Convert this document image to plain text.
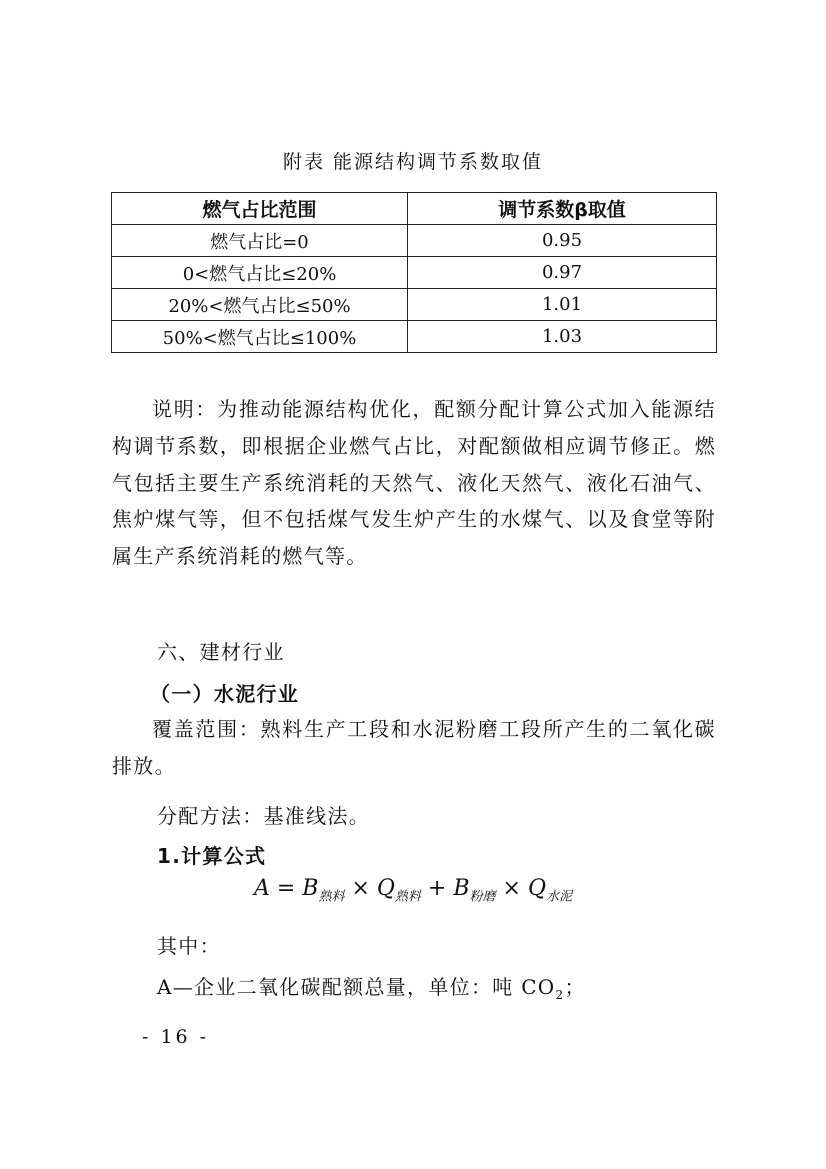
附表 能源结构调节系数取值
燃气占比范围	调节系数β取值
燃气占比=0	0.95
0<燃气占比≤20%	0.97
20%<燃气占比≤50%	1.01
50%<燃气占比≤100%	1.03

说明：为推动能源结构优化，配额分配计算公式加入能源结构调节系数，即根据企业燃气占比，对配额做相应调节修正。燃气包括主要生产系统消耗的天然气、液化天然气、液化石油气、焦炉煤气等，但不包括煤气发生炉产生的水煤气、以及食堂等附属生产系统消耗的燃气等。

六、建材行业
（一）水泥行业

覆盖范围：熟料生产工段和水泥粉磨工段所产生的二氧化碳排放。

分配方法：基准线法。
1.计算公式
$A = B_{熟料} \times Q_{熟料} + B_{粉磨} \times Q_{水泥}$
其中：
A—企业二氧化碳配额总量，单位：吨 $CO_2$；
- 16 -
